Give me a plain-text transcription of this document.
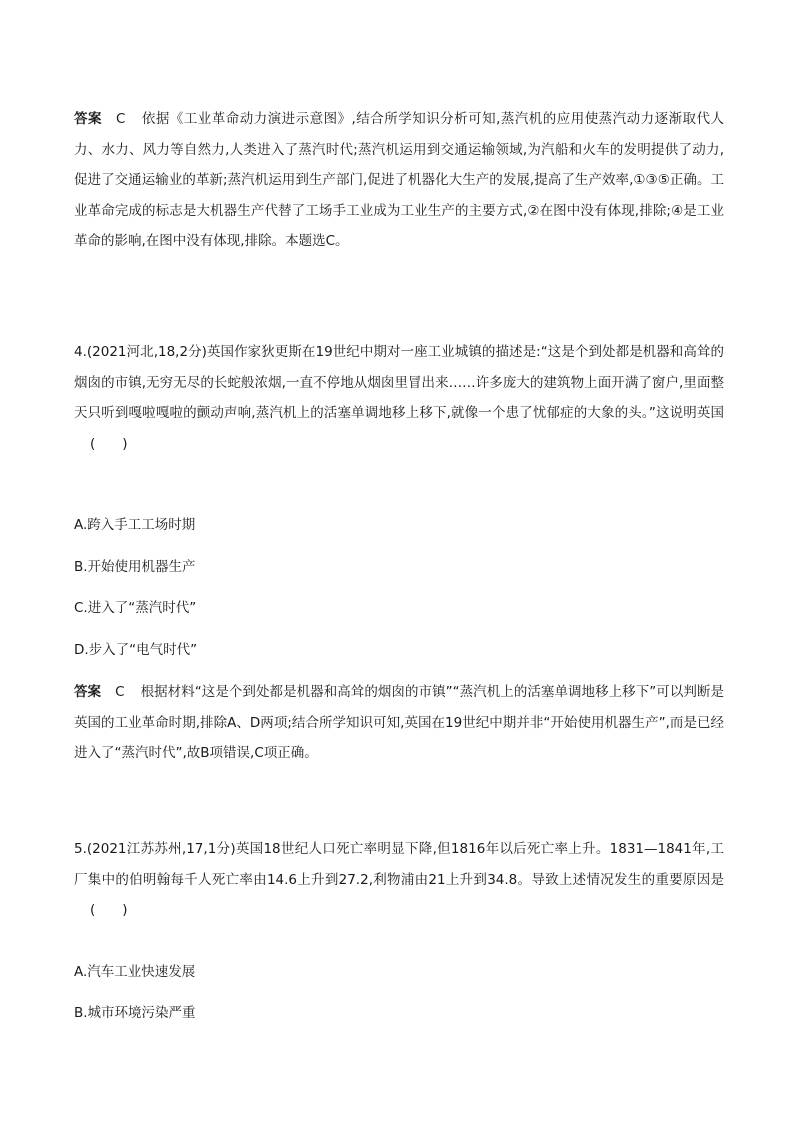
答案 C 依据《工业革命动力演进示意图》,结合所学知识分析可知,蒸汽机的应用使蒸汽动力逐渐取代人力、水力、风力等自然力,人类进入了蒸汽时代;蒸汽机运用到交通运输领域,为汽船和火车的发明提供了动力,促进了交通运输业的革新;蒸汽机运用到生产部门,促进了机器化大生产的发展,提高了生产效率,①③⑤正确。工业革命完成的标志是大机器生产代替了工场手工业成为工业生产的主要方式,②在图中没有体现,排除;④是工业革命的影响,在图中没有体现,排除。本题选C。

4.(2021河北,18,2分)英国作家狄更斯在19世纪中期对一座工业城镇的描述是:“这是个到处都是机器和高耸的烟囱的市镇,无穷无尽的长蛇般浓烟,一直不停地从烟囱里冒出来……许多庞大的建筑物上面开满了窗户,里面整天只听到嘎啦嘎啦的颤动声响,蒸汽机上的活塞单调地移上移下,就像一个患了忧郁症的大象的头。”这说明英国(　　)

A.跨入手工工场时期

B.开始使用机器生产

C.进入了“蒸汽时代”

D.步入了“电气时代”

答案 C 根据材料“这是个到处都是机器和高耸的烟囱的市镇”“蒸汽机上的活塞单调地移上移下”可以判断是英国的工业革命时期,排除A、D两项;结合所学知识可知,英国在19世纪中期并非“开始使用机器生产”,而是已经进入了“蒸汽时代”,故B项错误,C项正确。

5.(2021江苏苏州,17,1分)英国18世纪人口死亡率明显下降,但1816年以后死亡率上升。1831—1841年,工厂集中的伯明翰每千人死亡率由14.6上升到27.2,利物浦由21上升到34.8。导致上述情况发生的重要原因是(　　)

A.汽车工业快速发展

B.城市环境污染严重
